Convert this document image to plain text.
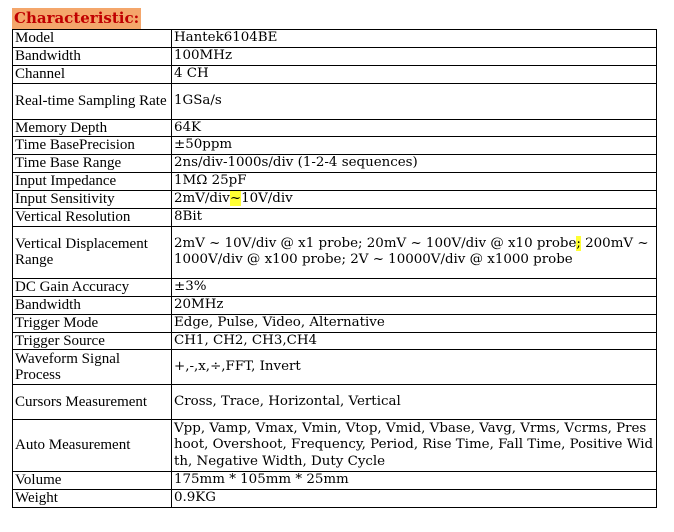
Characteristic:
Model	Hantek6104BE
Bandwidth	100MHz
Channel	4 CH
Real-time Sampling Rate	1GSa/s
Memory Depth	64K
Time BasePrecision	±50ppm
Time Base Range	2ns/div-1000s/div (1-2-4 sequences)
Input Impedance	1MΩ 25pF
Input Sensitivity	2mV/div~10V/div
Vertical Resolution	8Bit
Vertical Displacement Range	2mV ~ 10V/div @ x1 probe; 20mV ~ 100V/div @ x10 probe; 200mV ~ 1000V/div @ x100 probe; 2V ~ 10000V/div @ x1000 probe
DC Gain Accuracy	±3%
Bandwidth	20MHz
Trigger Mode	Edge, Pulse, Video, Alternative
Trigger Source	CH1, CH2, CH3,CH4
Waveform Signal Process	+,-,x,÷,FFT, Invert
Cursors Measurement	Cross, Trace, Horizontal, Vertical
Auto Measurement	Vpp, Vamp, Vmax, Vmin, Vtop, Vmid, Vbase, Vavg, Vrms, Vcrms, Preshoot, Overshoot, Frequency, Period, Rise Time, Fall Time, Positive Width, Negative Width, Duty Cycle
Volume	175mm * 105mm * 25mm
Weight	0.9KG
